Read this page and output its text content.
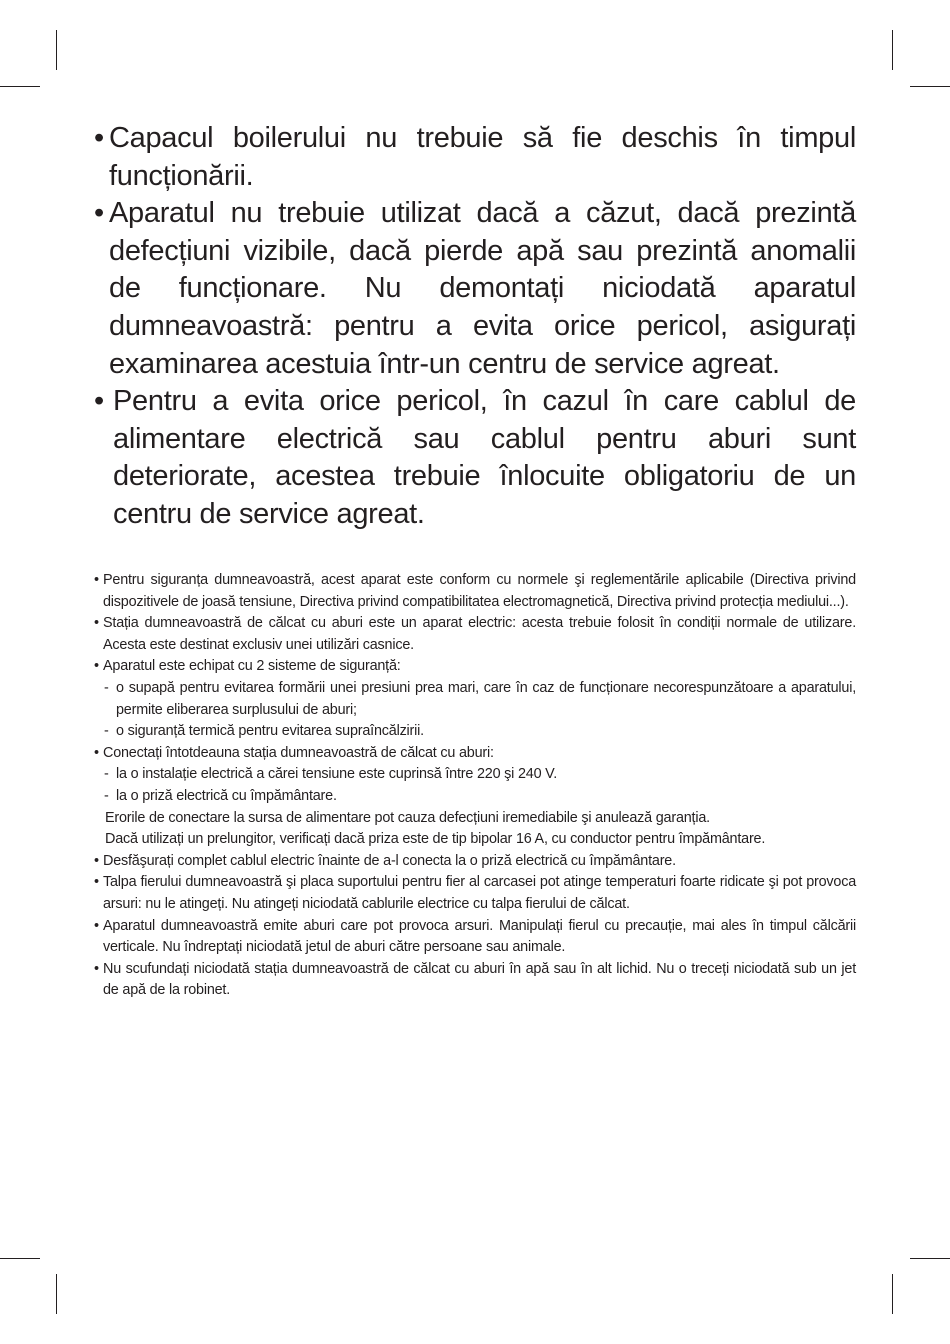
• Capacul boilerului nu trebuie să fie deschis în timpul funcționării.
• Aparatul nu trebuie utilizat dacă a căzut, dacă prezintă defecțiuni vizibile, dacă pierde apă sau prezintă anomalii de funcționare. Nu demontați niciodată aparatul dumneavoastră: pentru a evita orice pericol, asigurați examinarea acestuia într-un centru de service agreat.
• Pentru a evita orice pericol, în cazul în care cablul de alimentare electrică sau cablul pentru aburi sunt deteriorate, acestea trebuie înlocuite obligatoriu de un centru de service agreat.
• Pentru siguranța dumneavoastră, acest aparat este conform cu normele şi reglementările aplicabile (Directiva privind dispozitivele de joasă tensiune, Directiva privind compatibilitatea electromagnetică, Directiva privind protecția mediului...).
• Stația dumneavoastră de călcat cu aburi este un aparat electric: acesta trebuie folosit în condiții normale de utilizare. Acesta este destinat exclusiv unei utilizări casnice.
• Aparatul este echipat cu 2 sisteme de siguranță:
- o supapă pentru evitarea formării unei presiuni prea mari, care în caz de funcționare necorespunzătoare a aparatului, permite eliberarea surplusului de aburi;
- o siguranță termică pentru evitarea supraîncălzirii.
• Conectați întotdeauna stația dumneavoastră de călcat cu aburi:
- la o instalație electrică a cărei tensiune este cuprinsă între 220 şi 240 V.
- la o priză electrică cu împământare.
Erorile de conectare la sursa de alimentare pot cauza defecțiuni iremediabile şi anulează garanția.
Dacă utilizați un prelungitor, verificați dacă priza este de tip bipolar 16 A, cu conductor pentru împământare.
• Desfăşurați complet cablul electric înainte de a-l conecta la o priză electrică cu împământare.
• Talpa fierului dumneavoastră şi placa suportului pentru fier al carcasei pot atinge temperaturi foarte ridicate şi pot provoca arsuri: nu le atingeți. Nu atingeți niciodată cablurile electrice cu talpa fierului de călcat.
• Aparatul dumneavoastră emite aburi care pot provoca arsuri. Manipulați fierul cu precauție, mai ales în timpul călcării verticale. Nu îndreptați niciodată jetul de aburi către persoane sau animale.
• Nu scufundați niciodată stația dumneavoastră de călcat cu aburi în apă sau în alt lichid. Nu o treceți niciodată sub un jet de apă de la robinet.
